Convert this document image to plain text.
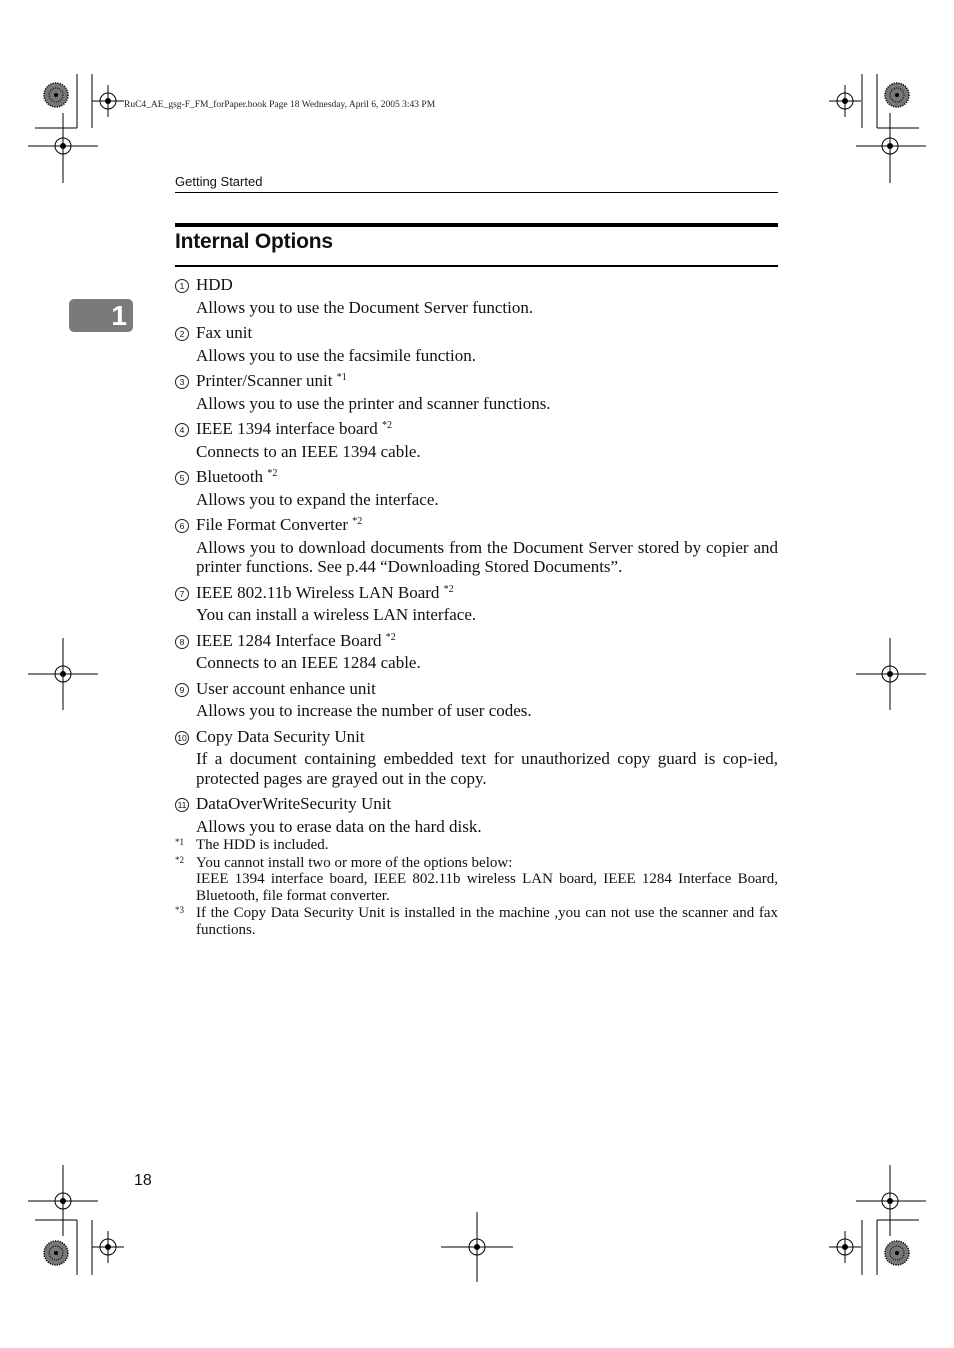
RuC4_AE_gsg-F_FM_forPaper.book Page 18 Wednesday, April 6, 2005 3:43 PM
Getting Started
1
Internal Options
1 HDD
Allows you to use the Document Server function.
2 Fax unit
Allows you to use the facsimile function.
3 Printer/Scanner unit $^{*1}$
Allows you to use the printer and scanner functions.
4 IEEE 1394 interface board $^{*2}$
Connects to an IEEE 1394 cable.
5 Bluetooth $^{*2}$
Allows you to expand the interface.
6 File Format Converter $^{*2}$
Allows you to download documents from the Document Server stored by copier and printer functions. See p.44 “Downloading Stored Documents”.
7 IEEE 802.11b Wireless LAN Board $^{*2}$
You can install a wireless LAN interface.
8 IEEE 1284 Interface Board $^{*2}$
Connects to an IEEE 1284 cable.
9 User account enhance unit
Allows you to increase the number of user codes.
10 Copy Data Security Unit
If a document containing embedded text for unauthorized copy guard is cop-ied, protected pages are grayed out in the copy.
11 DataOverWriteSecurity Unit
Allows you to erase data on the hard disk.
*1 The HDD is included.
*2 You cannot install two or more of the options below:
IEEE 1394 interface board, IEEE 802.11b wireless LAN board, IEEE 1284 Interface Board, Bluetooth, file format converter.
*3 If the Copy Data Security Unit is installed in the machine ,you can not use the scanner and fax functions.
18
